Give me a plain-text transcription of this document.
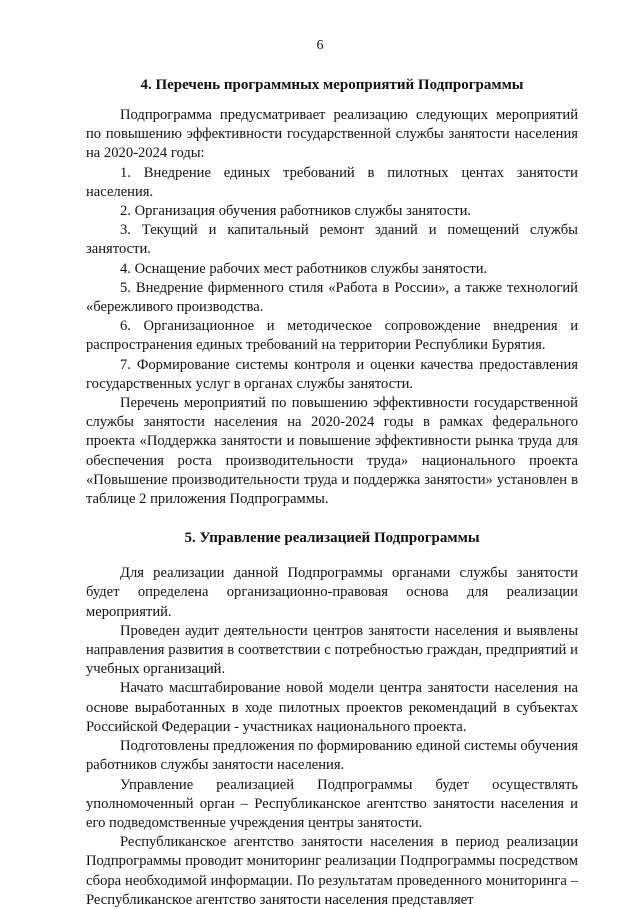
6
4. Перечень программных мероприятий Подпрограммы

Подпрограмма предусматривает реализацию следующих мероприятий по повышению эффективности государственной службы занятости населения на 2020-2024 годы:

1. Внедрение единых требований в пилотных центах занятости населения.

2. Организация обучения работников службы занятости.

3. Текущий и капитальный ремонт зданий и помещений службы занятости.

4. Оснащение рабочих мест работников службы занятости.

5. Внедрение фирменного стиля «Работа в России», а также технологий «бережливого производства.

6. Организационное и методическое сопровождение внедрения и распространения единых требований на территории Республики Бурятия.

7. Формирование системы контроля и оценки качества предоставления государственных услуг в органах службы занятости.

Перечень мероприятий по повышению эффективности государственной службы занятости населения на 2020-2024 годы в рамках федерального проекта «Поддержка занятости и повышение эффективности рынка труда для обеспечения роста производительности труда» национального проекта «Повышение производительности труда и поддержка занятости» установлен в таблице 2 приложения Подпрограммы.

5. Управление реализацией Подпрограммы

Для реализации данной Подпрограммы органами службы занятости будет определена организационно-правовая основа для реализации мероприятий.

Проведен аудит деятельности центров занятости населения и выявлены направления развития в соответствии с потребностью граждан, предприятий и учебных организаций.

Начато масштабирование новой модели центра занятости населения на основе выработанных в ходе пилотных проектов рекомендаций в субъектах Российской Федерации - участниках национального проекта.

Подготовлены предложения по формированию единой системы обучения работников службы занятости населения.

Управление реализацией Подпрограммы будет осуществлять уполномоченный орган – Республиканское агентство занятости населения и его подведомственные учреждения центры занятости.

Республиканское агентство занятости населения в период реализации Подпрограммы проводит мониторинг реализации Подпрограммы посредством сбора необходимой информации. По результатам проведенного мониторинга – Республиканское агентство занятости населения представляет
